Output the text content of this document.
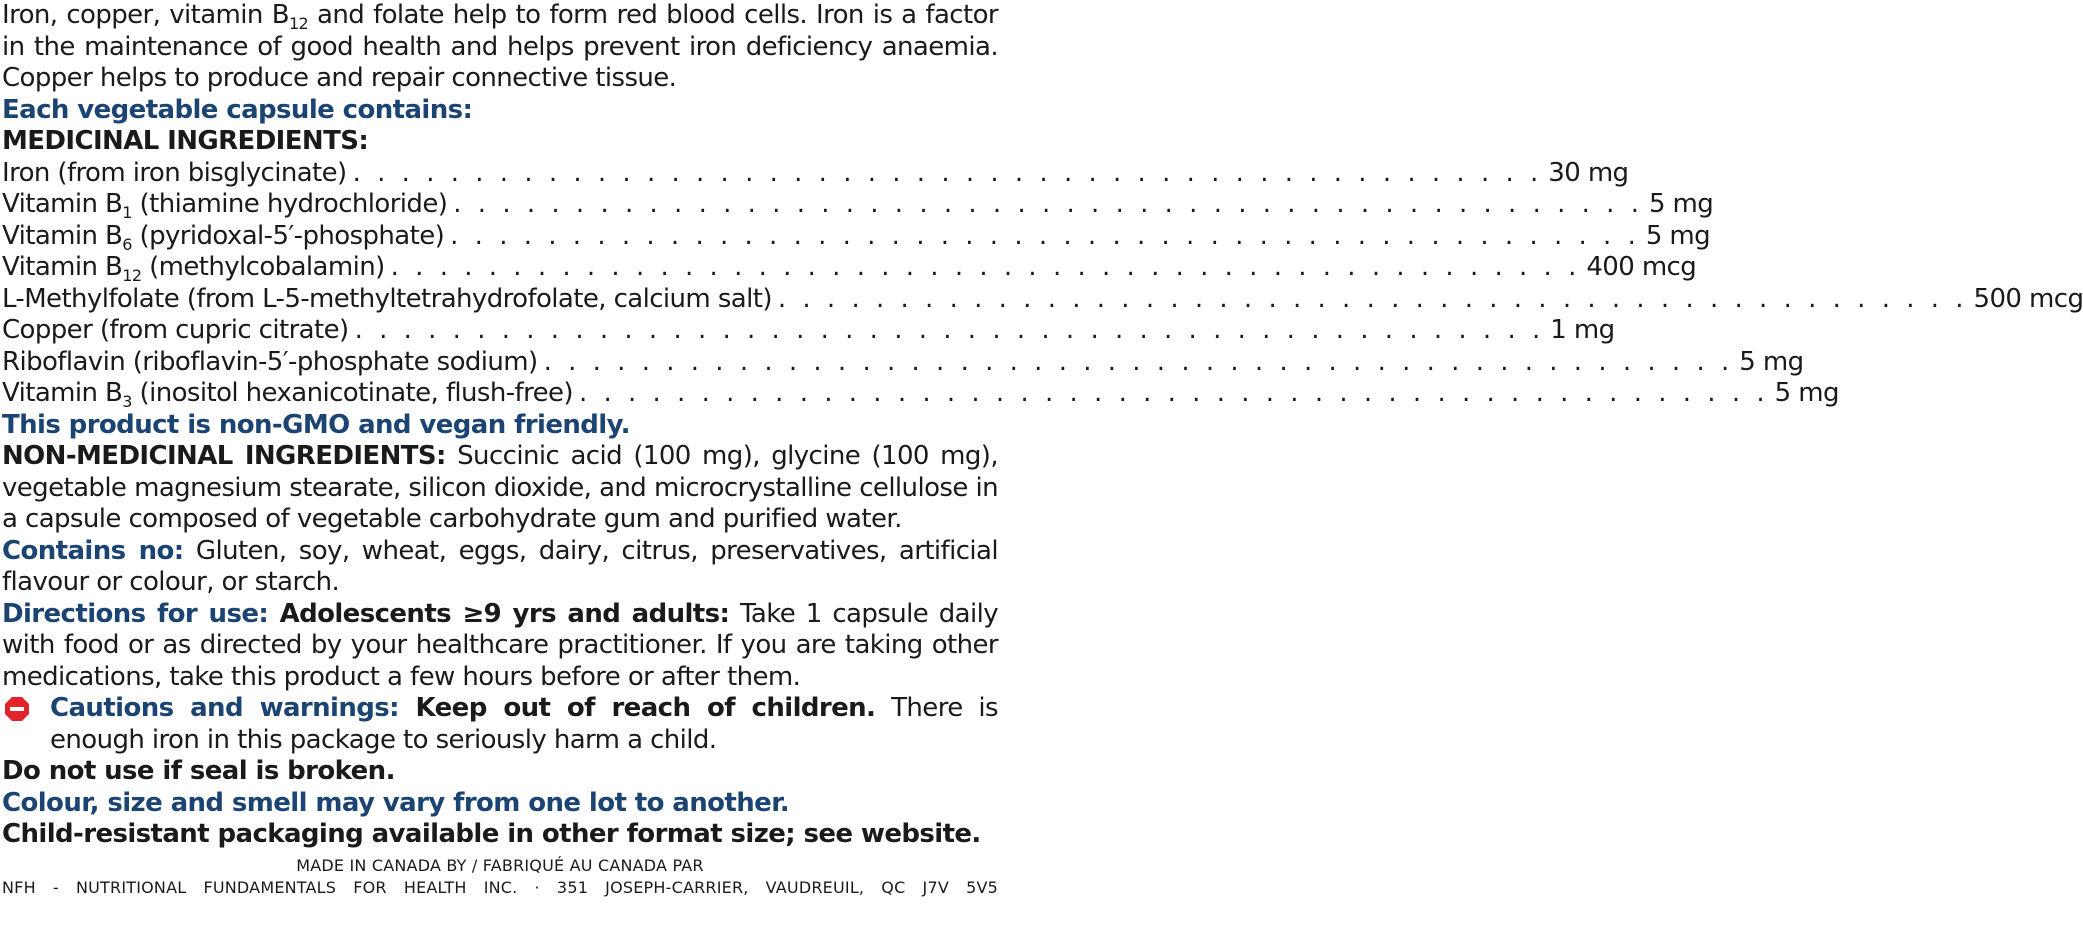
Iron, copper, vitamin $B_{12}$ and folate help to form red blood cells. Iron is a factor in the maintenance of good health and helps prevent iron deficiency anaemia. Copper helps to produce and repair connective tissue.

Each vegetable capsule contains:

MEDICINAL INGREDIENTS:

Iron (from iron bisglycinate) . . . . . . . . . . . . . . . . . . . . . . . . . . . . . . . . . . . . . . . . . . . . . . . . . 30 mg
Vitamin $B_1$ (thiamine hydrochloride) . . . . . . . . . . . . . . . . . . . . . . . . . . . . . . . . . . . . . . . . . . . . . . . . . 5 mg
Vitamin $B_6$ (pyridoxal-5′-phosphate) . . . . . . . . . . . . . . . . . . . . . . . . . . . . . . . . . . . . . . . . . . . . . . . . . 5 mg
Vitamin $B_{12}$ (methylcobalamin) . . . . . . . . . . . . . . . . . . . . . . . . . . . . . . . . . . . . . . . . . . . . . . . . . 400 mcg
L-Methylfolate (from L-5-methyltetrahydrofolate, calcium salt) . . . . . . . . . . . . . . . . . . . . . . . . . . . . . . . . . . . . . . . . . . . . . . . . . 500 mcg
Copper (from cupric citrate) . . . . . . . . . . . . . . . . . . . . . . . . . . . . . . . . . . . . . . . . . . . . . . . . . 1 mg
Riboflavin (riboflavin-5′-phosphate sodium) . . . . . . . . . . . . . . . . . . . . . . . . . . . . . . . . . . . . . . . . . . . . . . . . . 5 mg
Vitamin $B_3$ (inositol hexanicotinate, flush-free) . . . . . . . . . . . . . . . . . . . . . . . . . . . . . . . . . . . . . . . . . . . . . . . . . 5 mg

This product is non-GMO and vegan friendly.

NON-MEDICINAL INGREDIENTS: Succinic acid (100 mg), glycine (100 mg), vegetable magnesium stearate, silicon dioxide, and microcrystalline cellulose in a capsule composed of vegetable carbohydrate gum and purified water.

Contains no: Gluten, soy, wheat, eggs, dairy, citrus, preservatives, artificial flavour or colour, or starch.

Directions for use: Adolescents ≥9 yrs and adults: Take 1 capsule daily with food or as directed by your healthcare practitioner. If you are taking other medications, take this product a few hours before or after them.

Cautions and warnings: Keep out of reach of children. There is enough iron in this package to seriously harm a child.

Do not use if seal is broken.

Colour, size and smell may vary from one lot to another.

Child-resistant packaging available in other format size; see website.

MADE IN CANADA BY / FABRIQUÉ AU CANADA PAR
NFH - NUTRITIONAL FUNDAMENTALS FOR HEALTH INC. · 351 JOSEPH-CARRIER, VAUDREUIL, QC J7V 5V5
